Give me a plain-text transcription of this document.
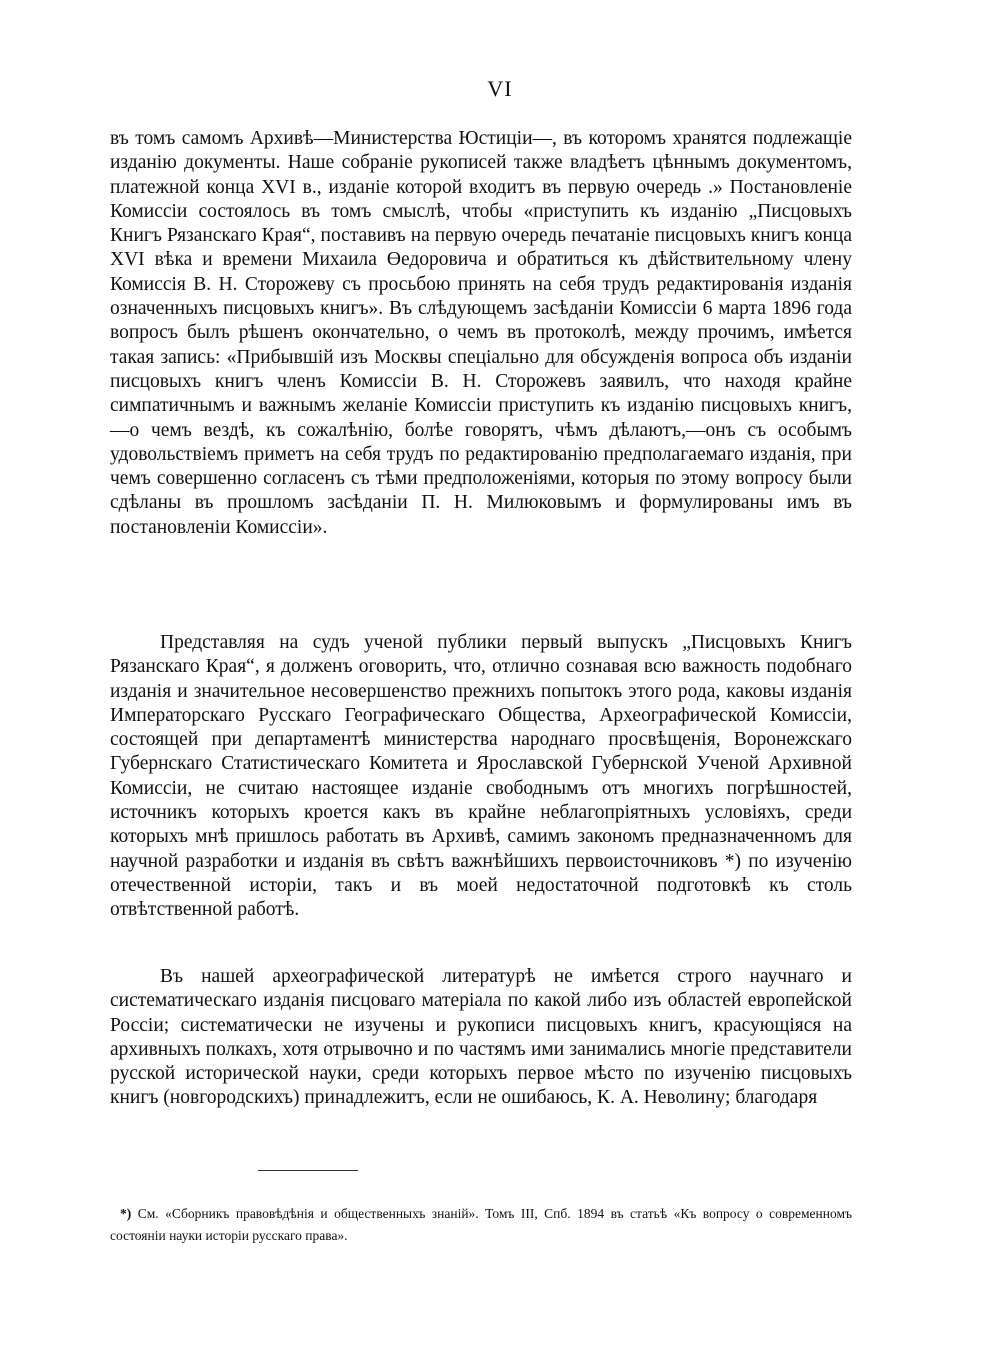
VI

въ томъ самомъ Архивѣ—Министерства Юстиціи—, въ которомъ хранятся подлежащіе изданію документы. Наше собраніе рукописей также владѣетъ цѣннымъ документомъ, платежной конца XVI в., изданіе которой входитъ въ первую очередь .» Постановленіе Комиссіи состоялось въ томъ смыслѣ, чтобы «приступить къ изданію „Писцовыхъ Книгъ Рязанскаго Края“, поставивъ на первую очередь печатаніе писцовыхъ книгъ конца XVI вѣка и времени Михаила Өедоровича и обратиться къ дѣйствительному члену Комиссія В. Н. Сторожеву съ просьбою принять на себя трудъ редактированія изданія означенныхъ писцовыхъ книгъ». Въ слѣдующемъ засѣданіи Комиссіи 6 марта 1896 года вопросъ былъ рѣшенъ окончательно, о чемъ въ протоколѣ, между прочимъ, имѣется такая запись: «Прибывшій изъ Москвы спеціально для обсужденія вопроса объ изданіи писцовыхъ книгъ членъ Комиссіи В. Н. Сторожевъ заявилъ, что находя крайне симпатичнымъ и важнымъ желаніе Комиссіи приступить къ изданію писцовыхъ книгъ,—о чемъ вездѣ, къ сожалѣнію, болѣе говорятъ, чѣмъ дѣлаютъ,—онъ съ особымъ удовольствіемъ приметъ на себя трудъ по редактированію предполагаемаго изданія, при чемъ совершенно согласенъ съ тѣми предположеніями, которыя по этому вопросу были сдѣланы въ прошломъ засѣданіи П. Н. Милюковымъ и формулированы имъ въ постановленіи Комиссіи».

Представляя на судъ ученой публики первый выпускъ „Писцовыхъ Книгъ Рязанскаго Края“, я долженъ оговорить, что, отлично сознавая всю важность подобнаго изданія и значительное несовершенство прежнихъ попытокъ этого рода, каковы изданія Императорскаго Русскаго Географическаго Общества, Археографической Комиссіи, состоящей при департаментѣ министерства народнаго просвѣщенія, Воронежскаго Губернскаго Статистическаго Комитета и Ярославской Губернской Ученой Архивной Комиссіи, не считаю настоящее изданіе свободнымъ отъ многихъ погрѣшностей, источникъ которыхъ кроется какъ въ крайне неблагопріятныхъ условіяхъ, среди которыхъ мнѣ пришлось работать въ Архивѣ, самимъ закономъ предназначенномъ для научной разработки и изданія въ свѣтъ важнѣйшихъ первоисточниковъ *) по изученію отечественной исторіи, такъ и въ моей недостаточной подготовкѣ къ столь отвѣтственной работѣ.

Въ нашей археографической литературѣ не имѣется строго научнаго и систематическаго изданія писцоваго матеріала по какой либо изъ областей европейской Россіи; систематически не изучены и рукописи писцовыхъ книгъ, красующіяся на архивныхъ полкахъ, хотя отрывочно и по частямъ ими занимались многіе представители русской исторической науки, среди которыхъ первое мѣсто по изученію писцовыхъ книгъ (новгородскихъ) принадлежитъ, если не ошибаюсь, К. А. Неволину; благодаря

*) См. «Сборникъ правовѣдѣнія и общественныхъ знаній». Томъ III, Спб. 1894 въ статьѣ «Къ вопросу о современномъ состояніи науки исторіи русскаго права».
